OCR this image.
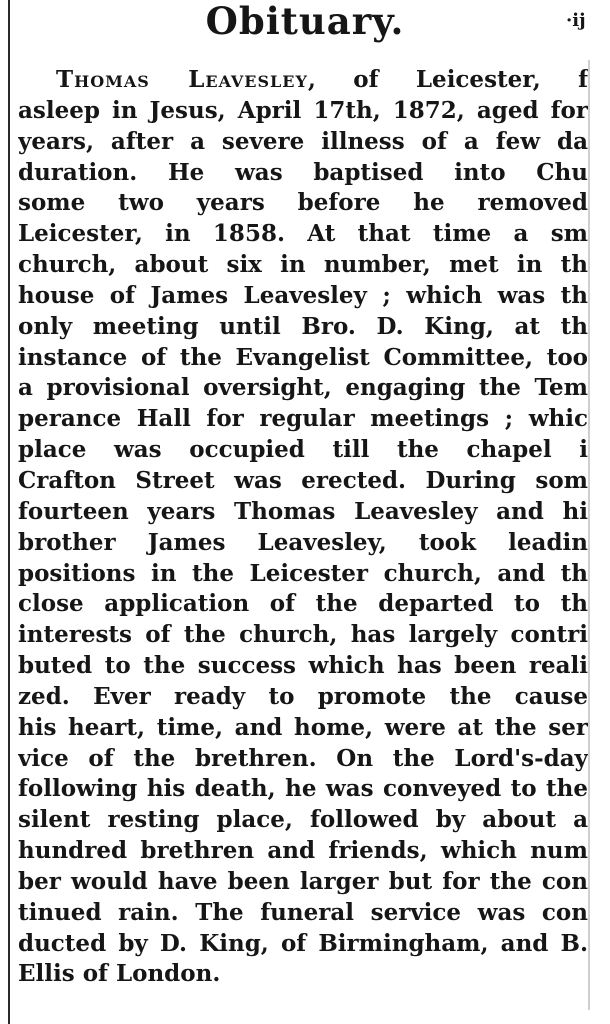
Obituary.	·ij
Thomas Leavesley, of Leicester, f
asleep in Jesus, April 17th, 1872, aged for
years, after a severe illness of a few da
duration. He was baptised into Chu
some two years before he removed
Leicester, in 1858. At that time a sm
church, about six in number, met in th
house of James Leavesley ; which was th
only meeting until Bro. D. King, at th
instance of the Evangelist Committee, too
a provisional oversight, engaging the Tem
perance Hall for regular meetings ; whic
place was occupied till the chapel i
Crafton Street was erected. During som
fourteen years Thomas Leavesley and hi
brother James Leavesley, took leadin
positions in the Leicester church, and th
close application of the departed to th
interests of the church, has largely contri
buted to the success which has been reali
zed. Ever ready to promote the cause
his heart, time, and home, were at the ser
vice of the brethren. On the Lord's-day
following his death, he was conveyed to the
silent resting place, followed by about a
hundred brethren and friends, which num
ber would have been larger but for the con
tinued rain. The funeral service was con
ducted by D. King, of Birmingham, and B.
Ellis of London.
